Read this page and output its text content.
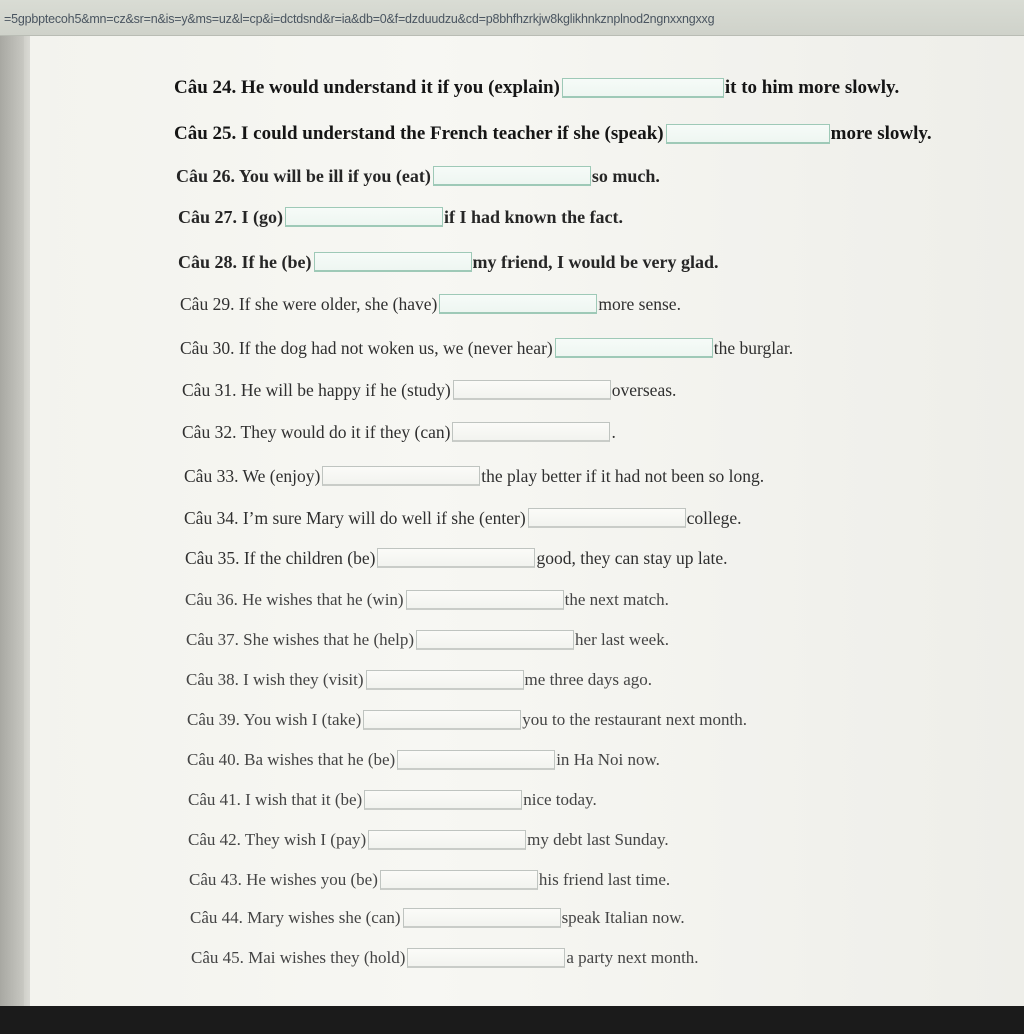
=5gpbptecoh5&mn=cz&sr=n&is=y&ms=uz&l=cp&i=dctdsnd&r=ia&db=0&f=dzduudzu&cd=p8bhfhzrkjw8kglikhnkznplnod2ngnxxngxxg
Câu 24. He would understand it if you (explain)	it to him more slowly.
Câu 25. I could understand the French teacher if she (speak)	more slowly.
Câu 26. You will be ill if you (eat)	so much.
Câu 27. I (go)	if I had known the fact.
Câu 28. If he (be)	my friend, I would be very glad.
Câu 29. If she were older, she (have)	more sense.
Câu 30. If the dog had not woken us, we (never hear)	the burglar.
Câu 31. He will be happy if he (study)	overseas.
Câu 32. They would do it if they (can)	.
Câu 33. We (enjoy)	the play better if it had not been so long.
Câu 34. I’m sure Mary will do well if she (enter)	college.
Câu 35. If the children (be)	good, they can stay up late.
Câu 36. He wishes that he (win)	the next match.
Câu 37. She wishes that he (help)	her last week.
Câu 38. I wish they (visit)	me three days ago.
Câu 39. You wish I (take)	you to the restaurant next month.
Câu 40. Ba wishes that he (be)	in Ha Noi now.
Câu 41. I wish that it (be)	nice today.
Câu 42. They wish I (pay)	my debt last Sunday.
Câu 43. He wishes you (be)	his friend last time.
Câu 44. Mary wishes she (can)	speak Italian now.
Câu 45. Mai wishes they (hold)	a party next month.
